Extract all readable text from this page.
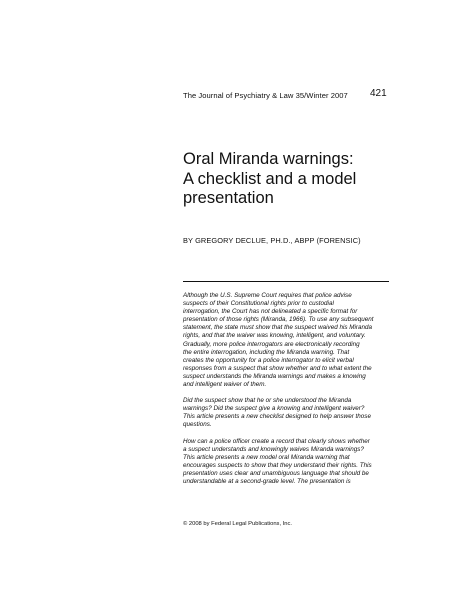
The Journal of Psychiatry & Law 35/Winter 2007 421
Oral Miranda warnings:
A checklist and a model
presentation
BY GREGORY DECLUE, PH.D., ABPP (FORENSIC)

Although the U.S. Supreme Court requires that police advise
suspects of their Constitutional rights prior to custodial
interrogation, the Court has not delineated a specific format for
presentation of those rights (Miranda, 1966). To use any subsequent
statement, the state must show that the suspect waived his Miranda
rights, and that the waiver was knowing, intelligent, and voluntary.
Gradually, more police interrogators are electronically recording
the entire interrogation, including the Miranda warning. That
creates the opportunity for a police interrogator to elicit verbal
responses from a suspect that show whether and to what extent the
suspect understands the Miranda warnings and makes a knowing
and intelligent waiver of them.

Did the suspect show that he or she understood the Miranda
warnings? Did the suspect give a knowing and intelligent waiver?
This article presents a new checklist designed to help answer those
questions.

How can a police officer create a record that clearly shows whether
a suspect understands and knowingly waives Miranda warnings?
This article presents a new model oral Miranda warning that
encourages suspects to show that they understand their rights. This
presentation uses clear and unambiguous language that should be
understandable at a second-grade level. The presentation is

© 2008 by Federal Legal Publications, Inc.
